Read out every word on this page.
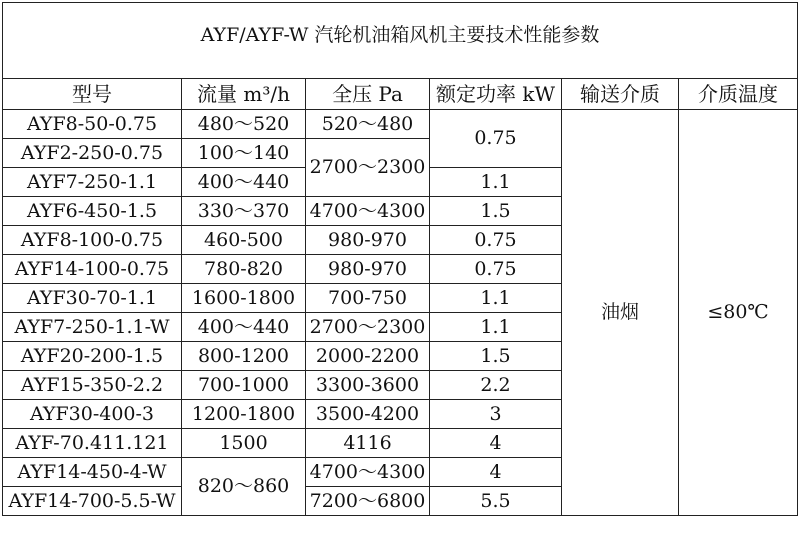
AYF/AYF-W 汽轮机油箱风机主要技术性能参数					
型号	流量 m³/h	全压 Pa	额定功率 kW	输送介质	介质温度
AYF8-50-0.75	480～520	520～480	0.75	油烟	≤80℃
AYF2-250-0.75	100～140	2700～2300			
AYF7-250-1.1	400～440		1.1		
AYF6-450-1.5	330～370	4700～4300	1.5		
AYF8-100-0.75	460-500	980-970	0.75		
AYF14-100-0.75	780-820	980-970	0.75		
AYF30-70-1.1	1600-1800	700-750	1.1		
AYF7-250-1.1-W	400～440	2700～2300	1.1		
AYF20-200-1.5	800-1200	2000-2200	1.5		
AYF15-350-2.2	700-1000	3300-3600	2.2		
AYF30-400-3	1200-1800	3500-4200	3		
AYF-70.411.121	1500	4116	4		
AYF14-450-4-W	820～860	4700～4300	4		
AYF14-700-5.5-W		7200～6800	5.5		
